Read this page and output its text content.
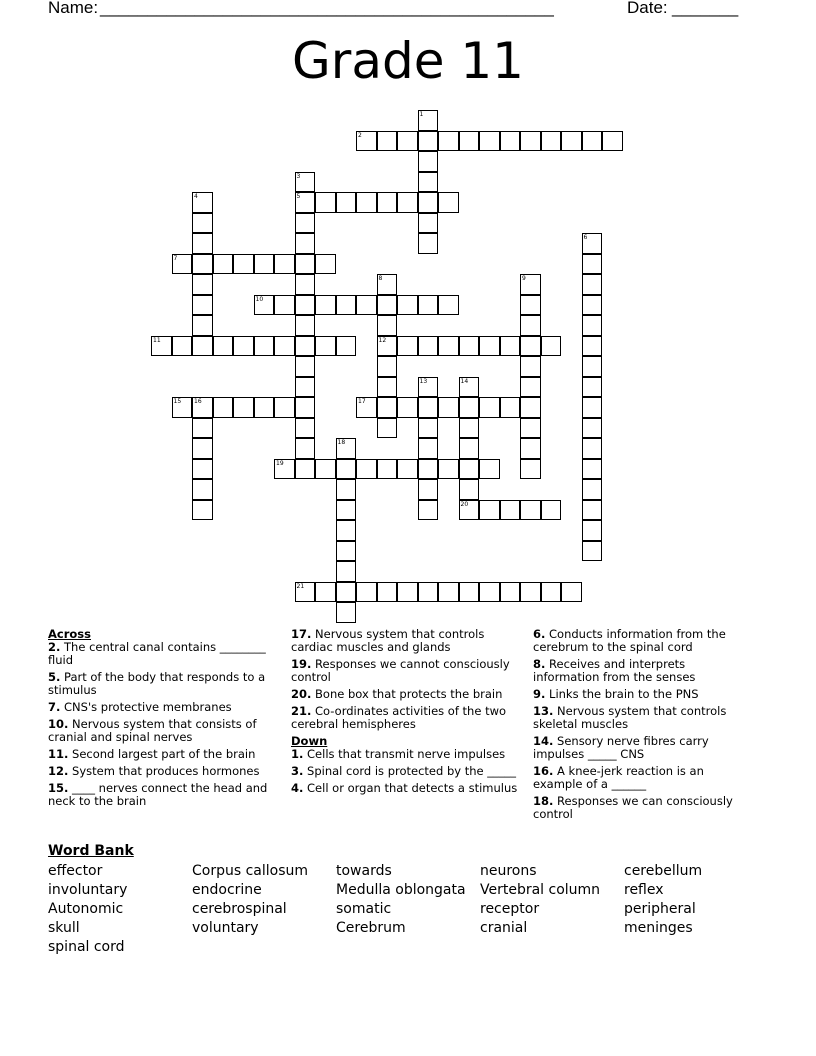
Name: ________________________________________________	Date: _______
Grade 11
2
5
7
10
11	12
15 16	17
19
20
21
1
3
4
6
8	9
13	14
18

Across

2. The central canal contains ________ fluid

5. Part of the body that responds to a stimulus

7. CNS's protective membranes

10. Nervous system that consists of cranial and spinal nerves

11. Second largest part of the brain

12. System that produces hormones

15. ____ nerves connect the head and neck to the brain

17. Nervous system that controls cardiac muscles and glands

19. Responses we cannot consciously control

20. Bone box that protects the brain

21. Co-ordinates activities of the two cerebral hemispheres

Down

1. Cells that transmit nerve impulses

3. Spinal cord is protected by the _____

4. Cell or organ that detects a stimulus

6. Conducts information from the cerebrum to the spinal cord

8. Receives and interprets information from the senses

9. Links the brain to the PNS

13. Nervous system that controls skeletal muscles

14. Sensory nerve fibres carry impulses _____ CNS

16. A knee-jerk reaction is an example of a ______

18. Responses we can consciously control

Word Bank
effector
involuntary
Autonomic
skull
spinal cord
Corpus callosum
endocrine
cerebrospinal
voluntary
towards
Medulla oblongata
somatic
Cerebrum
neurons
Vertebral column
receptor
cranial
cerebellum
reflex
peripheral
meninges
